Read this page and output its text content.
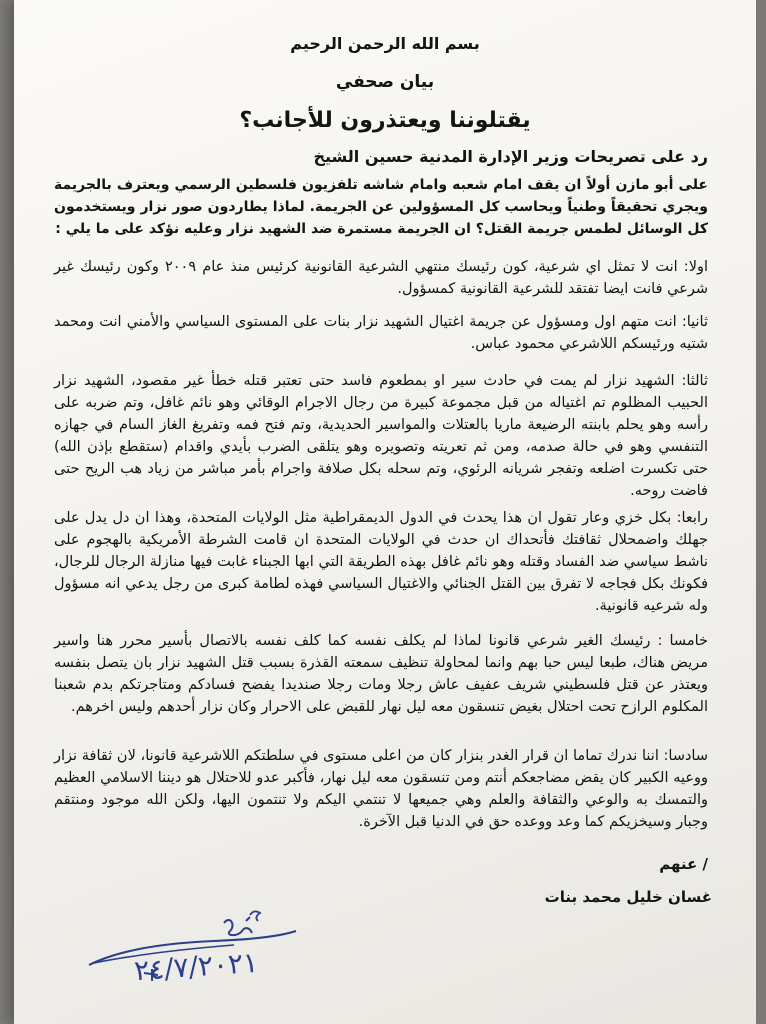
بسم الله الرحمن الرحيم
بيان صحفي
يقتلوننا ويعتذرون للأجانب؟
رد على تصريحات وزير الإدارة المدنية حسين الشيخ
على أبو مازن أولاً ان يقف امام شعبه وامام شاشه تلفزيون فلسطين الرسمي ويعترف بالجريمة ويجري تحقيقاً وطنياً ويحاسب كل المسؤولين عن الجريمة. لماذا يطاردون صور نزار ويستخدمون كل الوسائل لطمس جريمة القتل؟ ان الجريمة مستمرة ضد الشهيد نزار وعليه نؤكد على ما يلي :
اولا: انت لا تمثل اي شرعية، كون رئيسك منتهي الشرعية القانونية كرئيس منذ عام ٢٠٠٩ وكون رئيسك غير شرعي فانت ايضا تفتقد للشرعية القانونية كمسؤول.
ثانيا: انت متهم اول ومسؤول عن جريمة اغتيال الشهيد نزار بنات على المستوى السياسي والأمني انت ومحمد شتيه ورئيسكم اللاشرعي محمود عباس.
ثالثا: الشهيد نزار لم يمت في حادث سير او بمطعوم فاسد حتى تعتبر قتله خطأ غير مقصود، الشهيد نزار الحبيب المظلوم تم اغتياله من قبل مجموعة كبيرة من رجال الاجرام الوقائي وهو نائم غافل، وتم ضربه على رأسه وهو يحلم بابنته الرضيعة ماريا بالعتلات والمواسير الحديدية، وتم فتح فمه وتفريغ الغاز السام في جهازه التنفسي وهو في حالة صدمه، ومن ثم تعريته وتصويره وهو يتلقى الضرب بأيدي واقدام (ستقطع بإذن الله) حتى تكسرت اضلعه وتفجر شريانه الرئوي، وتم سحله بكل صلافة واجرام بأمر مباشر من زياد هب الريح حتى فاضت روحه.
رابعا: بكل خزي وعار تقول ان هذا يحدث في الدول الديمقراطية مثل الولايات المتحدة، وهذا ان دل يدل على جهلك واضمحلال ثقافتك فأتحداك ان حدث في الولايات المتحدة ان قامت الشرطة الأمريكية بالهجوم على ناشط سياسي ضد الفساد وقتله وهو نائم غافل بهذه الطريقة التي ابها الجبناء غابت فيها منازلة الرجال للرجال، فكونك بكل فجاجه لا تفرق بين القتل الجنائي والاغتيال السياسي فهذه لطامة كبرى من رجل يدعي انه مسؤول وله شرعيه قانونية.
خامسا : رئيسك الغير شرعي قانونا لماذا لم يكلف نفسه كما كلف نفسه بالاتصال بأسير محرر هنا واسير مريض هناك، طبعا ليس حبا بهم وانما لمحاولة تنظيف سمعته القذرة بسبب قتل الشهيد نزار بان يتصل بنفسه ويعتذر عن قتل فلسطيني شريف عفيف عاش رجلا ومات رجلا صنديدا يفضح فسادكم ومتاجرتكم بدم شعبنا المكلوم الرازح تحت احتلال بغيض تنسقون معه ليل نهار للقبض على الاحرار وكان نزار أحدهم وليس اخرهم.
سادسا: اننا ندرك تماما ان قرار الغدر بنزار كان من اعلى مستوى في سلطتكم اللاشرعية قانونا، لان ثقافة نزار ووعيه الكبير كان يقض مضاجعكم أنتم ومن تنسقون معه ليل نهار، فأكبر عدو للاحتلال هو ديننا الاسلامي العظيم والتمسك به والوعي والثقافة والعلم وهي جميعها لا تنتمي اليكم ولا تنتمون اليها، ولكن الله موجود ومنتقم وجبار وسيخزيكم كما وعد ووعده حق في الدنيا قبل الآخرة.
/ عنهم
غسان خليل محمد بنات
٢٤/٧/٢٠٢١
